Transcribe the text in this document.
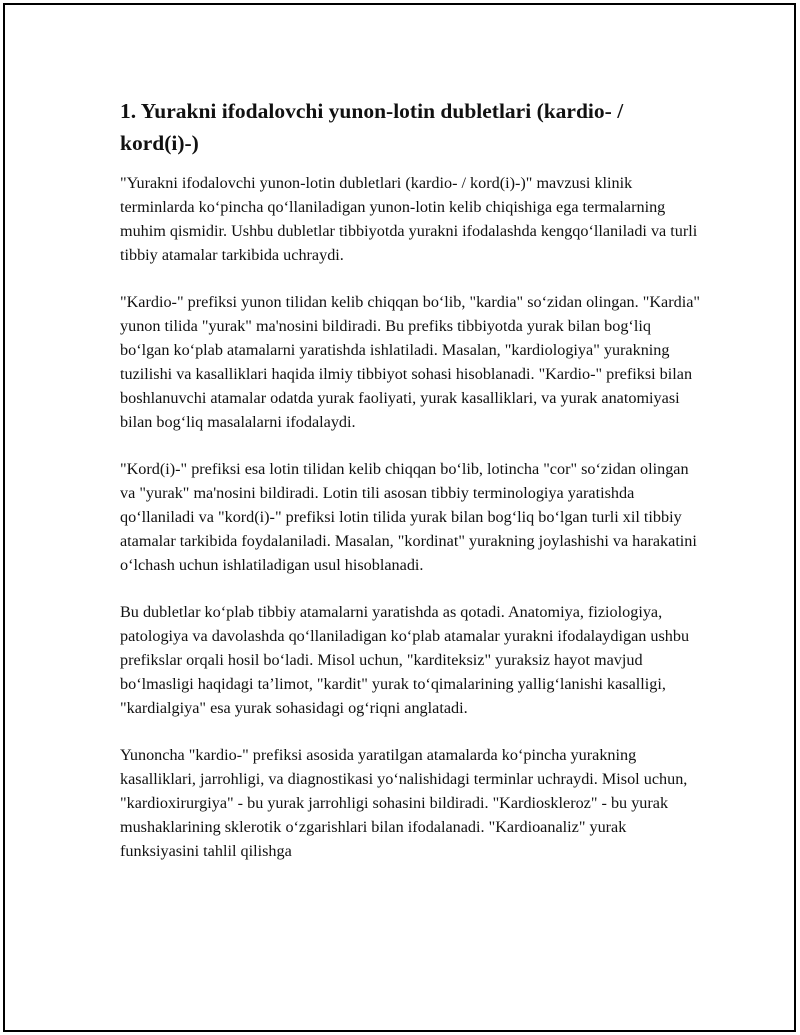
1. Yurakni ifodalovchi yunon-lotin dubletlari (kardio- / kord(i)-)

"Yurakni ifodalovchi yunon-lotin dubletlari (kardio- / kord(i)-)" mavzusi klinik terminlarda ko‘pincha qo‘llaniladigan yunon-lotin kelib chiqishiga ega termalarning muhim qismidir. Ushbu dubletlar tibbiyotda yurakni ifodalashda kengqo‘llaniladi va turli tibbiy atamalar tarkibida uchraydi.

"Kardio-" prefiksi yunon tilidan kelib chiqqan bo‘lib, "kardia" so‘zidan olingan. "Kardia" yunon tilida "yurak" ma'nosini bildiradi. Bu prefiks tibbiyotda yurak bilan bog‘liq bo‘lgan ko‘plab atamalarni yaratishda ishlatiladi. Masalan, "kardiologiya" yurakning tuzilishi va kasalliklari haqida ilmiy tibbiyot sohasi hisoblanadi. "Kardio-" prefiksi bilan boshlanuvchi atamalar odatda yurak faoliyati, yurak kasalliklari, va yurak anatomiyasi bilan bog‘liq masalalarni ifodalaydi.

"Kord(i)-" prefiksi esa lotin tilidan kelib chiqqan bo‘lib, lotincha "cor" so‘zidan olingan va "yurak" ma'nosini bildiradi. Lotin tili asosan tibbiy terminologiya yaratishda qo‘llaniladi va "kord(i)-" prefiksi lotin tilida yurak bilan bog‘liq bo‘lgan turli xil tibbiy atamalar tarkibida foydalaniladi. Masalan, "kordinat" yurakning joylashishi va harakatini o‘lchash uchun ishlatiladigan usul hisoblanadi.

Bu dubletlar ko‘plab tibbiy atamalarni yaratishda as qotadi. Anatomiya, fiziologiya, patologiya va davolashda qo‘llaniladigan ko‘plab atamalar yurakni ifodalaydigan ushbu prefikslar orqali hosil bo‘ladi. Misol uchun, "karditeksiz" yuraksiz hayot mavjud bo‘lmasligi haqidagi ta’limot, "kardit" yurak to‘qimalarining yallig‘lanishi kasalligi, "kardialgiya" esa yurak sohasidagi og‘riqni anglatadi.

Yunoncha "kardio-" prefiksi asosida yaratilgan atamalarda ko‘pincha yurakning kasalliklari, jarrohligi, va diagnostikasi yo‘nalishidagi terminlar uchraydi. Misol uchun, "kardioxirurgiya" - bu yurak jarrohligi sohasini bildiradi. "Kardioskleroz" - bu yurak mushaklarining sklerotik o‘zgarishlari bilan ifodalanadi. "Kardioanaliz" yurak funksiyasini tahlil qilishga
